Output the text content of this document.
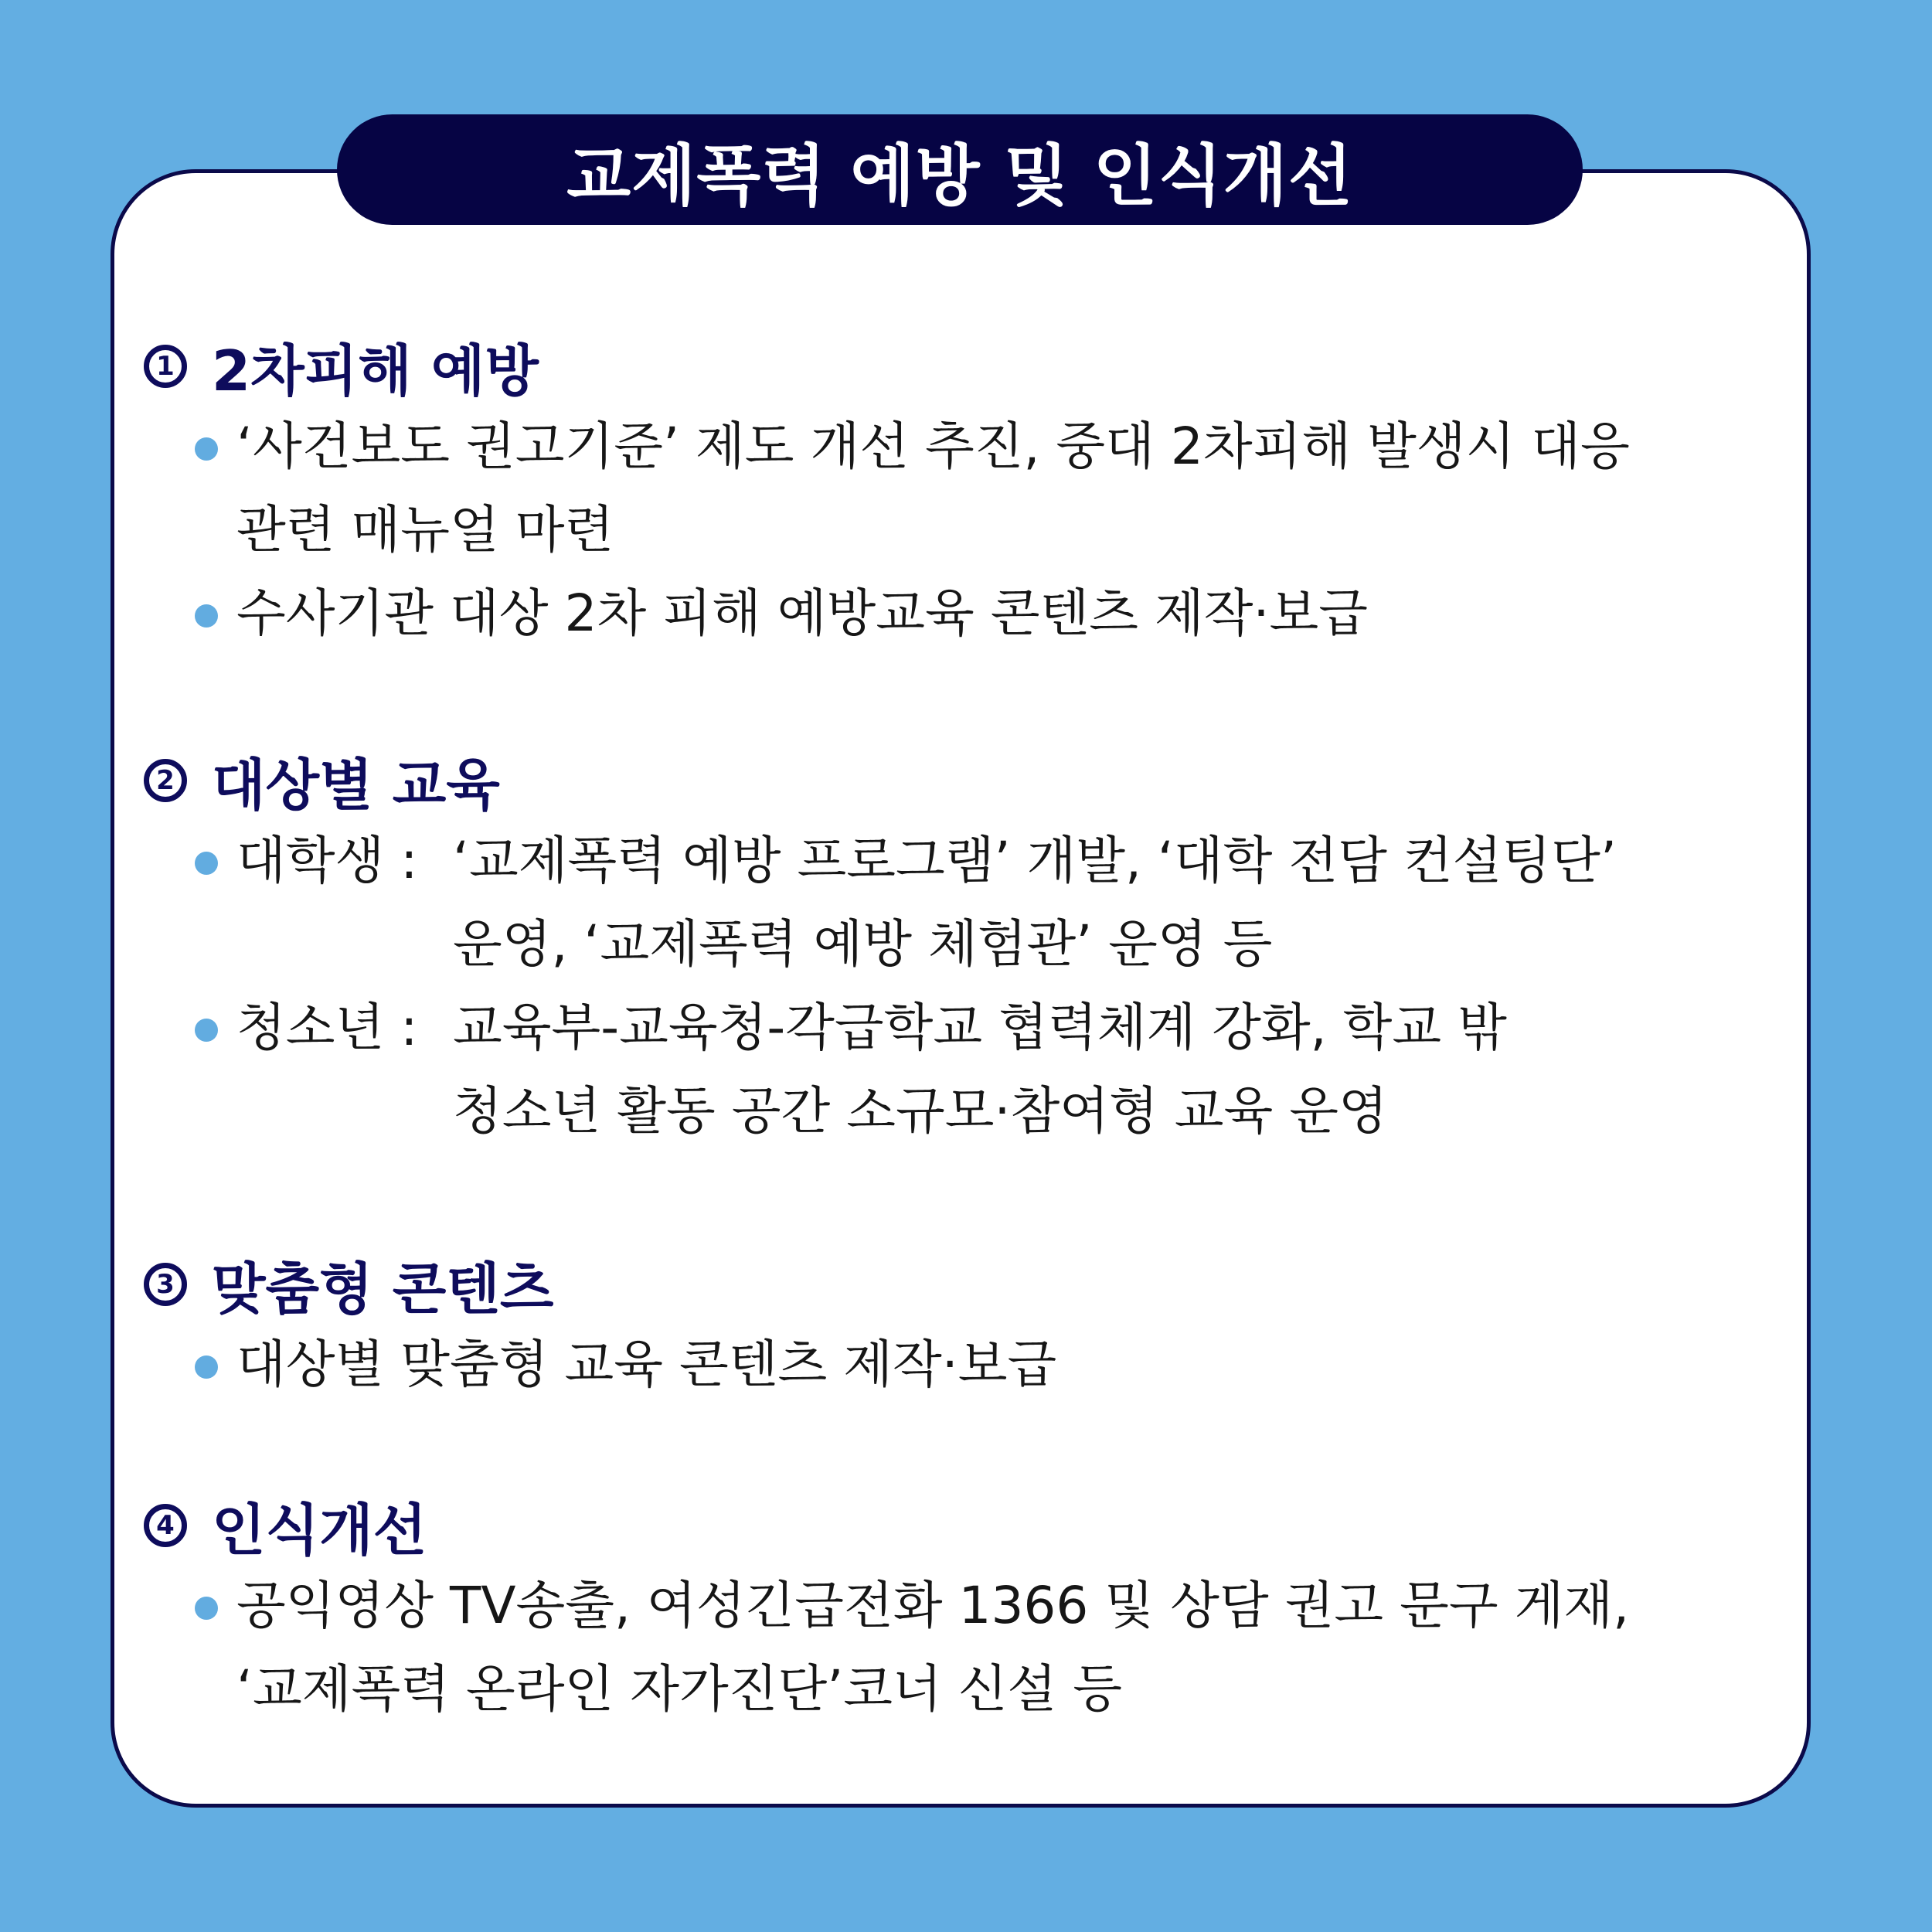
교제폭력 예방 및 인식개선
1 2차피해 예방
‘사건보도 권고기준’ 제도 개선 추진, 중대 2차피해 발생시 대응
관련 매뉴얼 마련
수사기관 대상 2차 피해 예방교육 콘텐츠 제작·보급
2 대상별 교육
대학생 : ‘교제폭력 예방 프로그램’ 개발, ‘대학 전담 컨설팅단’
운영, ‘교제폭력 예방 체험관’ 운영 등
청소년 : 교육부-교육청-각급학교 협력체계 강화, 학교 밖
청소년 활동 공간 소규모·참여형 교육 운영
3 맞춤형 콘텐츠
대상별 맞춤형 교육 콘텐츠 제작·보급
4 인식개선
공익영상 TV송출, 여성긴급전화 1366 및 상담 권고 문구 게재,
‘교제폭력 온라인 자가진단’코너 신설 등
